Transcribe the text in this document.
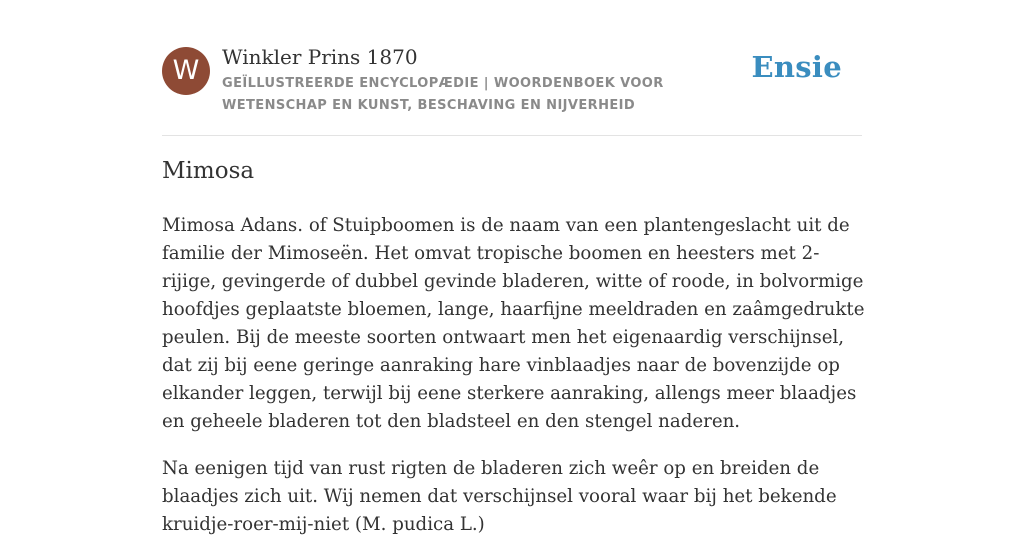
W	Winkler Prins 1870
GEÏLLUSTREERDE ENCYCLOPÆDIE | WOORDENBOEK VOOR WETENSCHAP EN KUNST, BESCHAVING EN NIJVERHEID
Ensie
Mimosa

Mimosa Adans. of Stuipboomen is de naam van een plantengeslacht uit de familie der Mimoseën. Het omvat tropische boomen en heesters met 2-rijige, gevingerde of dubbel gevinde bladeren, witte of roode, in bolvormige hoofdjes geplaatste bloemen, lange, haarfijne meeldraden en zaâmgedrukte peulen. Bij de meeste soorten ontwaart men het eigenaardig verschijnsel, dat zij bij eene geringe aanraking hare vinblaadjes naar de bovenzijde op elkander leggen, terwijl bij eene sterkere aanraking, allengs meer blaadjes en geheele bladeren tot den bladsteel en den stengel naderen.

Na eenigen tijd van rust rigten de bladeren zich weêr op en breiden de blaadjes zich uit. Wij nemen dat verschijnsel vooral waar bij het bekende kruidje-roer-mij-niet (M. pudica L.)
